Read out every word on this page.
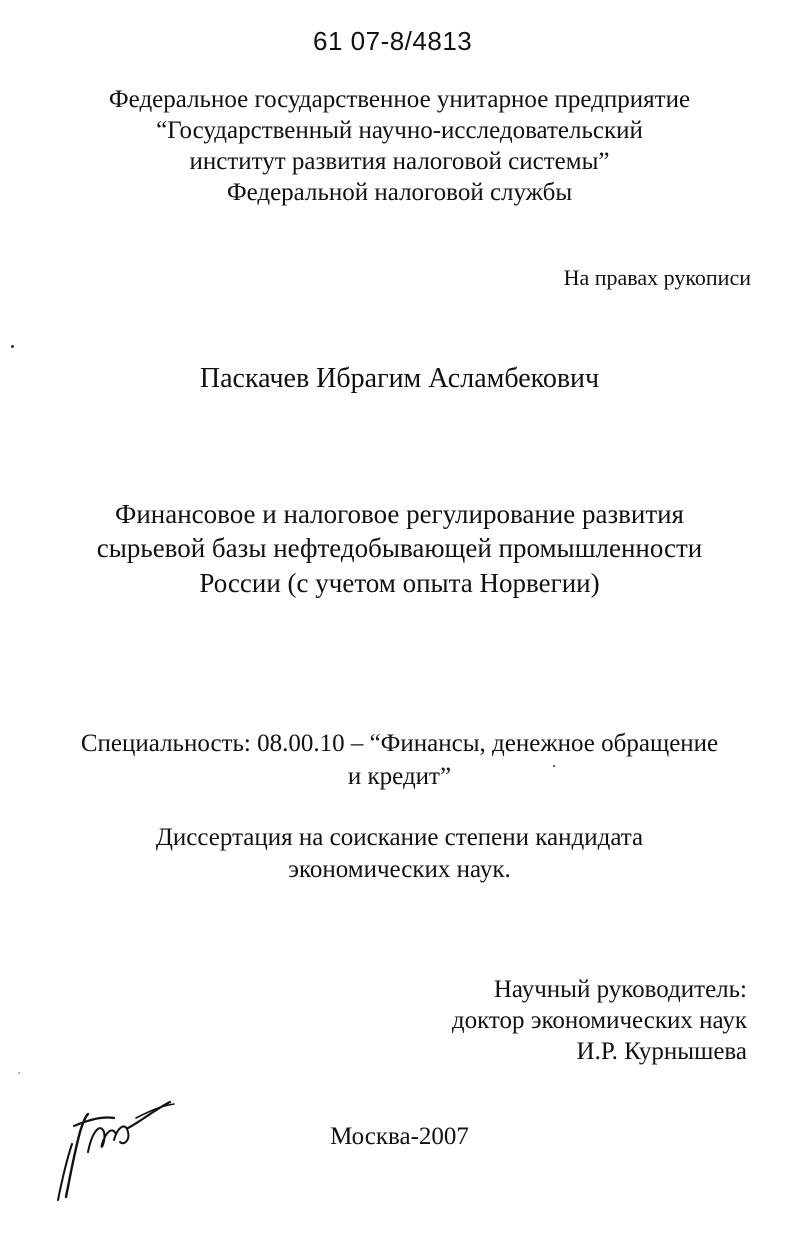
61 07-8/4813
Федеральное государственное унитарное предприятие
“Государственный научно-исследовательский
институт развития налоговой системы”
Федеральной налоговой службы
На правах рукописи
Паскачев Ибрагим Асламбекович
Финансовое и налоговое регулирование развития
сырьевой базы нефтедобывающей промышленности
России (с учетом опыта Норвегии)
Специальность: 08.00.10 – “Финансы, денежное обращение
и кредит”
Диссертация на соискание степени кандидата
экономических наук.
Научный руководитель:
доктор экономических наук
И.Р. Курнышева
Москва-2007
